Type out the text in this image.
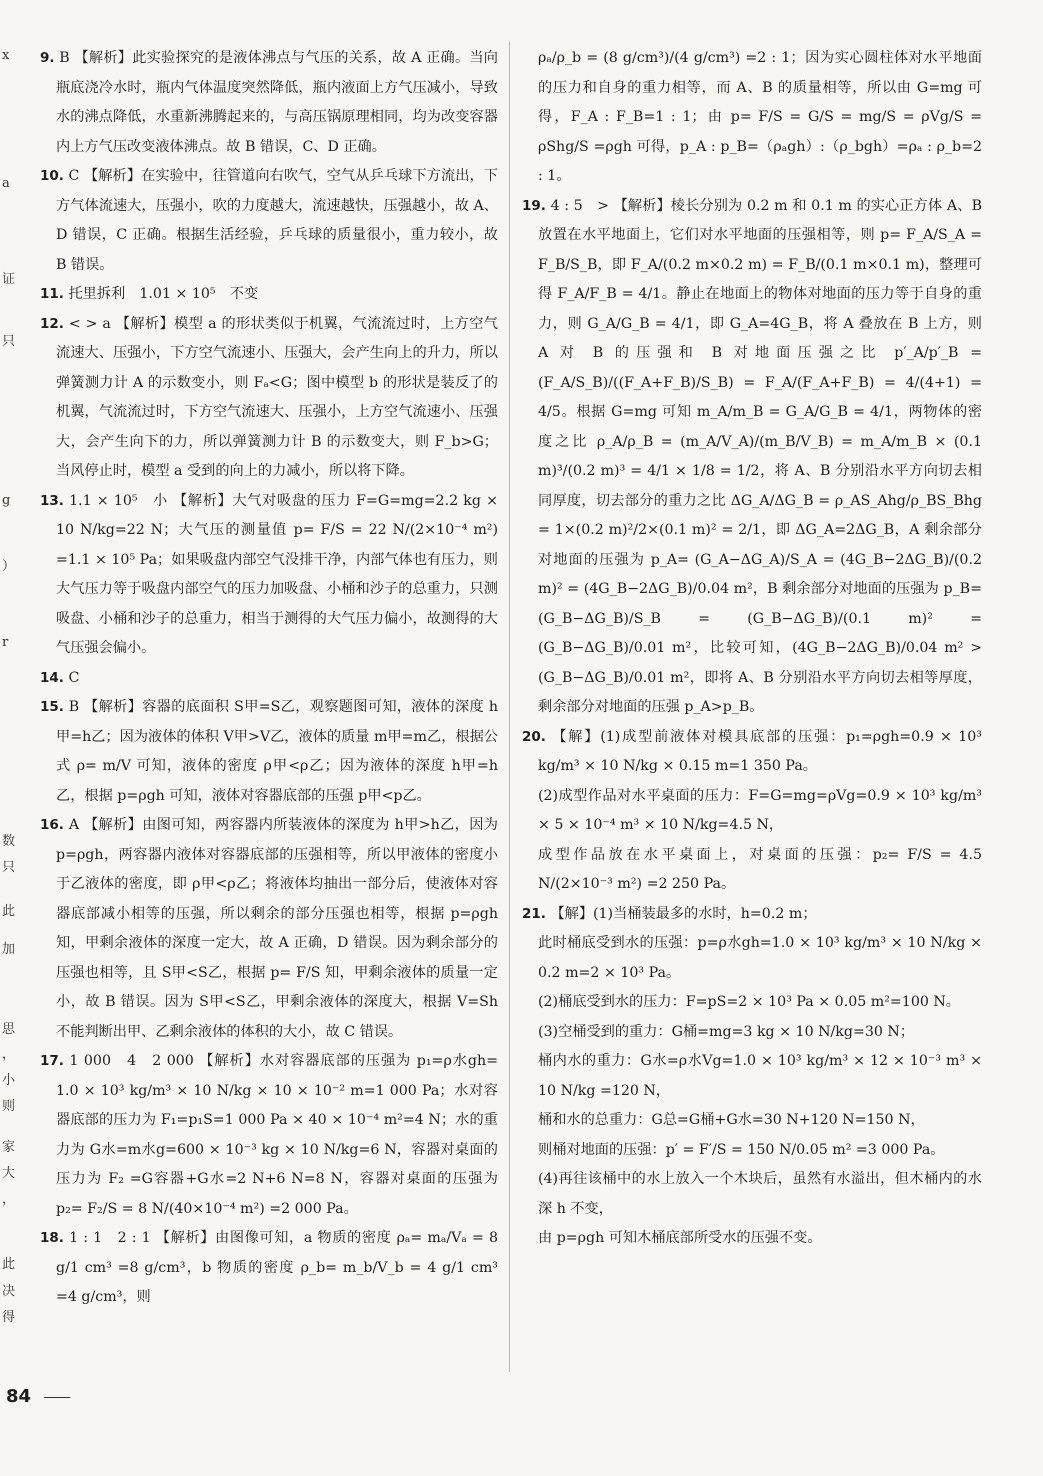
x
a
证
只
g
）
r
数
只
此
加
思
，
小
则
家
大
，
此
决
得
9. B 【解析】此实验探究的是液体沸点与气压的关系，故 A 正确。当向瓶底浇冷水时，瓶内气体温度突然降低，瓶内液面上方气压减小，导致水的沸点降低，水重新沸腾起来的，与高压锅原理相同，均为改变容器内上方气压改变液体沸点。故 B 错误，C、D 正确。
10. C 【解析】在实验中，往管道向右吹气，空气从乒乓球下方流出，下方气体流速大，压强小，吹的力度越大，流速越快，压强越小，故 A、D 错误，C 正确。根据生活经验，乒乓球的质量很小，重力较小，故 B 错误。
11. 托里拆利　1.01 × 10⁵　不变
12. < > a 【解析】模型 a 的形状类似于机翼，气流流过时，上方空气流速大、压强小，下方空气流速小、压强大，会产生向上的升力，所以弹簧测力计 A 的示数变小，则 Fₐ<G；图中模型 b 的形状是装反了的机翼，气流流过时，下方空气流速大、压强小，上方空气流速小、压强大，会产生向下的力，所以弹簧测力计 B 的示数变大，则 F_b>G；当风停止时，模型 a 受到的向上的力减小，所以将下降。
13. 1.1 × 10⁵　小 【解析】大气对吸盘的压力 F=G=mg=2.2 kg × 10 N/kg=22 N；大气压的测量值 p= F/S = 22 N/(2×10⁻⁴ m²) =1.1 × 10⁵ Pa；如果吸盘内部空气没排干净，内部气体也有压力，则大气压力等于吸盘内部空气的压力加吸盘、小桶和沙子的总重力，只测吸盘、小桶和沙子的总重力，相当于测得的大气压力偏小，故测得的大气压强会偏小。
14. C
15. B 【解析】容器的底面积 S甲=S乙，观察题图可知，液体的深度 h甲=h乙；因为液体的体积 V甲>V乙，液体的质量 m甲=m乙，根据公式 ρ= m/V 可知，液体的密度 ρ甲<ρ乙；因为液体的深度 h甲=h乙，根据 p=ρgh 可知，液体对容器底部的压强 p甲<p乙。
16. A 【解析】由图可知，两容器内所装液体的深度为 h甲>h乙，因为 p=ρgh，两容器内液体对容器底部的压强相等，所以甲液体的密度小于乙液体的密度，即 ρ甲<ρ乙；将液体均抽出一部分后，使液体对容器底部减小相等的压强，所以剩余的部分压强也相等，根据 p=ρgh 知，甲剩余液体的深度一定大，故 A 正确，D 错误。因为剩余部分的压强也相等，且 S甲<S乙，根据 p= F/S 知，甲剩余液体的质量一定小，故 B 错误。因为 S甲<S乙，甲剩余液体的深度大，根据 V=Sh 不能判断出甲、乙剩余液体的体积的大小，故 C 错误。
17. 1 000　4　2 000 【解析】水对容器底部的压强为 p₁=ρ水gh= 1.0 × 10³ kg/m³ × 10 N/kg × 10 × 10⁻² m=1 000 Pa；水对容器底部的压力为 F₁=p₁S=1 000 Pa × 40 × 10⁻⁴ m²=4 N；水的重力为 G水=m水g=600 × 10⁻³ kg × 10 N/kg=6 N，容器对桌面的压力为 F₂ =G容器+G水=2 N+6 N=8 N，容器对桌面的压强为 p₂= F₂/S = 8 N/(40×10⁻⁴ m²) =2 000 Pa。
18. 1 : 1　2 : 1 【解析】由图像可知，a 物质的密度 ρₐ= mₐ/Vₐ = 8 g/1 cm³ =8 g/cm³，b 物质的密度 ρ_b= m_b/V_b = 4 g/1 cm³ =4 g/cm³，则
ρₐ/ρ_b = (8 g/cm³)/(4 g/cm³) =2 : 1；因为实心圆柱体对水平地面的压力和自身的重力相等，而 A、B 的质量相等，所以由 G=mg 可得，F_A : F_B=1 : 1；由 p= F/S = G/S = mg/S = ρVg/S = ρShg/S =ρgh 可得，p_A : p_B=（ρₐgh）:（ρ_bgh）=ρₐ : ρ_b=2 : 1。
19. 4 : 5　> 【解析】棱长分别为 0.2 m 和 0.1 m 的实心正方体 A、B 放置在水平地面上，它们对水平地面的压强相等，则 p= F_A/S_A = F_B/S_B，即 F_A/(0.2 m×0.2 m) = F_B/(0.1 m×0.1 m)，整理可得 F_A/F_B = 4/1。静止在地面上的物体对地面的压力等于自身的重力，则 G_A/G_B = 4/1，即 G_A=4G_B，将 A 叠放在 B 上方，则 A 对 B 的压强和 B 对地面压强之比 p′_A/p′_B = (F_A/S_B)/((F_A+F_B)/S_B) = F_A/(F_A+F_B) = 4/(4+1) = 4/5。根据 G=mg 可知 m_A/m_B = G_A/G_B = 4/1，两物体的密度之比 ρ_A/ρ_B = (m_A/V_A)/(m_B/V_B) = m_A/m_B × (0.1 m)³/(0.2 m)³ = 4/1 × 1/8 = 1/2，将 A、B 分别沿水平方向切去相同厚度，切去部分的重力之比 ΔG_A/ΔG_B = ρ_AS_Ahg/ρ_BS_Bhg = 1×(0.2 m)²/2×(0.1 m)² = 2/1，即 ΔG_A=2ΔG_B，A 剩余部分对地面的压强为 p_A= (G_A−ΔG_A)/S_A = (4G_B−2ΔG_B)/(0.2 m)² = (4G_B−2ΔG_B)/0.04 m²，B 剩余部分对地面的压强为 p_B= (G_B−ΔG_B)/S_B = (G_B−ΔG_B)/(0.1 m)² = (G_B−ΔG_B)/0.01 m²，比较可知，(4G_B−2ΔG_B)/0.04 m² > (G_B−ΔG_B)/0.01 m²，即将 A、B 分别沿水平方向切去相等厚度，剩余部分对地面的压强 p_A>p_B。
20. 【解】(1)成型前液体对模具底部的压强：p₁=ρgh=0.9 × 10³ kg/m³ × 10 N/kg × 0.15 m=1 350 Pa。
(2)成型作品对水平桌面的压力：F=G=mg=ρVg=0.9 × 10³ kg/m³ × 5 × 10⁻⁴ m³ × 10 N/kg=4.5 N，
成型作品放在水平桌面上，对桌面的压强：p₂= F/S = 4.5 N/(2×10⁻³ m²) =2 250 Pa。
21. 【解】(1)当桶装最多的水时，h=0.2 m；
此时桶底受到水的压强：p=ρ水gh=1.0 × 10³ kg/m³ × 10 N/kg × 0.2 m=2 × 10³ Pa。
(2)桶底受到水的压力：F=pS=2 × 10³ Pa × 0.05 m²=100 N。
(3)空桶受到的重力：G桶=mg=3 kg × 10 N/kg=30 N；
桶内水的重力：G水=ρ水Vg=1.0 × 10³ kg/m³ × 12 × 10⁻³ m³ × 10 N/kg =120 N，
桶和水的总重力：G总=G桶+G水=30 N+120 N=150 N，
则桶对地面的压强：p′ = F′/S = 150 N/0.05 m² =3 000 Pa。
(4)再往该桶中的水上放入一个木块后，虽然有水溢出，但木桶内的水深 h 不变，
由 p=ρgh 可知木桶底部所受水的压强不变。
84
